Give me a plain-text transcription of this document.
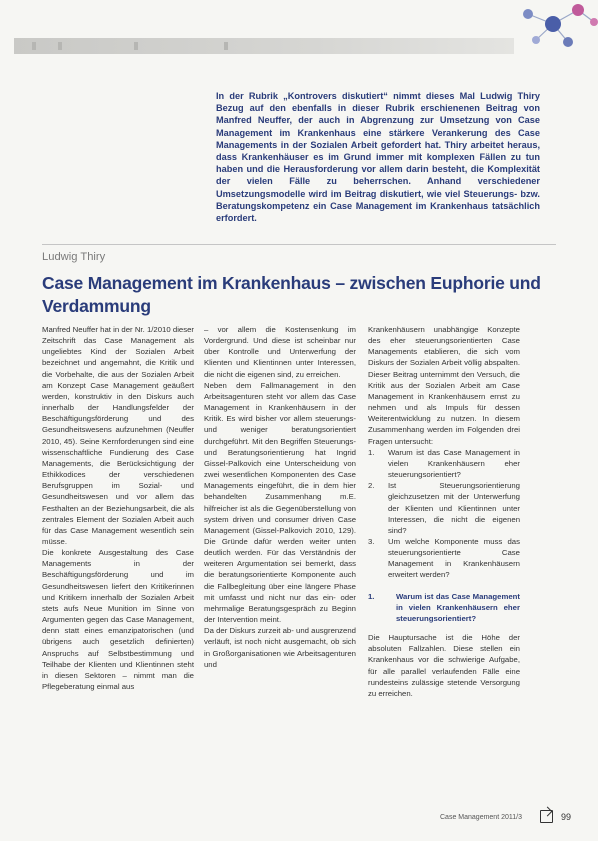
In der Rubrik „Kontrovers diskutiert“ nimmt dieses Mal Ludwig Thiry Bezug auf den ebenfalls in dieser Rubrik erschienenen Beitrag von Manfred Neuffer, der auch in Abgrenzung zur Umsetzung von Case Management im Krankenhaus eine stärkere Verankerung des Case Managements in der Sozialen Arbeit gefordert hat. Thiry arbeitet heraus, dass Krankenhäuser es im Grund immer mit komplexen Fällen zu tun haben und die Herausforderung vor allem darin besteht, die Komplexität der vielen Fälle zu beherrschen. Anhand verschiedener Umsetzungsmodelle wird im Beitrag diskutiert, wie viel Steuerungs- bzw. Beratungskompetenz ein Case Management im Krankenhaus tatsächlich erfordert.

Ludwig Thiry

Case Management im Krankenhaus – zwischen Euphorie und Verdammung

Manfred Neuffer hat in der Nr. 1/2010 dieser Zeitschrift das Case Management als ungeliebtes Kind der Sozialen Arbeit bezeichnet und angemahnt, die Kritik und die Vorbehalte, die aus der Sozialen Arbeit am Konzept Case Management geäußert werden, konstruktiv in den Diskurs auch innerhalb der Handlungsfelder der Beschäftigungsförderung und des Gesundheitswesens aufzunehmen (Neuffer 2010, 45). Seine Kernforderungen sind eine wissenschaftliche Fundierung des Case Managements, die Berücksichtigung der Ethikkodices der verschiedenen Berufsgruppen im Sozial- und Gesundheitswesen und vor allem das Festhalten an der Beziehungsarbeit, die als zentrales Element der Sozialen Arbeit auch für das Case Management wesentlich sein müsse.

Die konkrete Ausgestaltung des Case Managements in der Beschäftigungsförderung und im Gesundheitswesen liefert den Kritikerinnen und Kritikern innerhalb der Sozialen Arbeit stets aufs Neue Munition im Sinne von Argumenten gegen das Case Management, denn statt eines emanzipatorischen (und übrigens auch gesetzlich definierten) Anspruchs auf Selbstbestimmung und Teilhabe der Klienten und Klientinnen steht in diesen Sektoren – nimmt man die Pflegeberatung einmal aus

– vor allem die Kostensenkung im Vordergrund. Und diese ist scheinbar nur über Kontrolle und Unterwerfung der Klienten und Klientinnen unter Interessen, die nicht die eigenen sind, zu erreichen.

Neben dem Fallmanagement in den Arbeitsagenturen steht vor allem das Case Management in Krankenhäusern in der Kritik. Es wird bisher vor allem steuerungs- und weniger beratungsorientiert durchgeführt. Mit den Begriffen Steuerungs- und Beratungsorientierung hat Ingrid Gissel-Palkovich eine Unterscheidung von zwei wesentlichen Komponenten des Case Managements eingeführt, die in dem hier behandelten Zusammenhang m.E. hilfreicher ist als die Gegenüberstellung von system driven und consumer driven Case Management (Gissel-Palkovich 2010, 129). Die Gründe dafür werden weiter unten deutlich werden. Für das Verständnis der weiteren Argumentation sei bemerkt, dass die beratungsorientierte Komponente auch die Fallbegleitung über eine längere Phase mit umfasst und nicht nur das ein- oder mehrmalige Beratungsgespräch zu Beginn der Intervention meint.

Da der Diskurs zurzeit ab- und ausgrenzend verläuft, ist noch nicht ausgemacht, ob sich in Großorganisationen wie Arbeitsagenturen und

Krankenhäusern unabhängige Konzepte des eher steuerungsorientierten Case Managements etablieren, die sich vom Diskurs der Sozialen Arbeit völlig abspalten. Dieser Beitrag unternimmt den Versuch, die Kritik aus der Sozialen Arbeit am Case Management in Krankenhäusern ernst zu nehmen und als Impuls für dessen Weiterentwicklung zu nutzen. In diesem Zusammenhang werden im Folgenden drei Fragen untersucht:

1. Warum ist das Case Management in vielen Krankenhäusern eher steuerungsorientiert?
2. Ist Steuerungsorientierung gleichzusetzen mit der Unterwerfung der Klienten und Klientinnen unter Interessen, die nicht die eigenen sind?
3. Um welche Komponente muss das steuerungsorientierte Case Management in Krankenhäusern erweitert werden?
1.	Warum ist das Case Management in vielen Krankenhäusern eher steuerungsorientiert?

Die Hauptursache ist die Höhe der absoluten Fallzahlen. Diese stellen ein Krankenhaus vor die schwierige Aufgabe, für alle parallel verlaufenden Fälle eine rundesteins zulässige stetende Versorgung zu erreichen.

Case Management 2011/3	99
